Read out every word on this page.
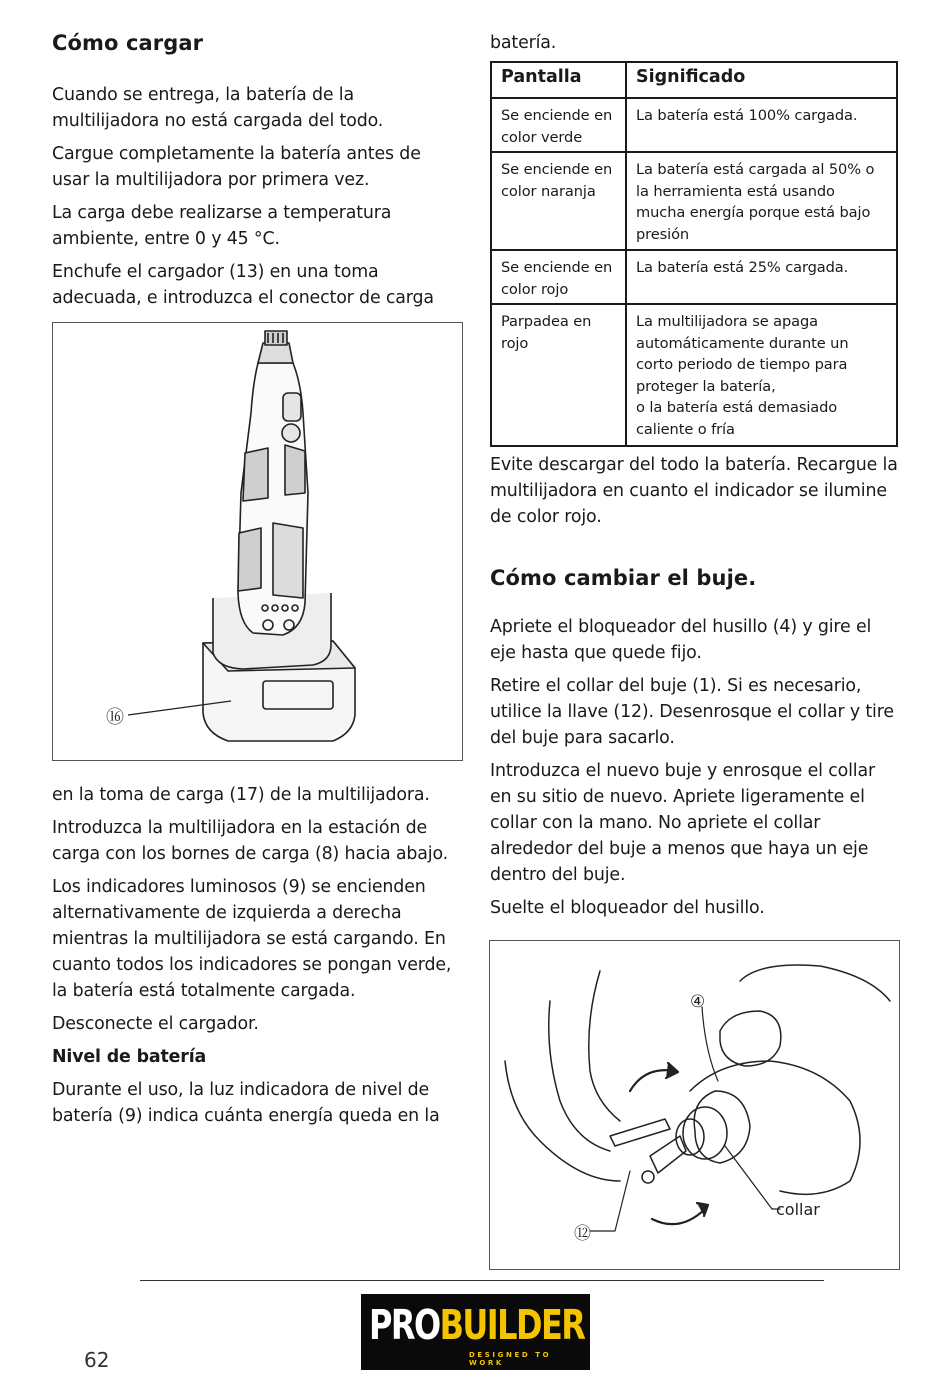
Cómo cargar

Cuando se entrega, la batería de la multilijadora no está cargada del todo.

Cargue completamente la batería antes de usar la multilijadora por primera vez.

La carga debe realizarse a temperatura ambiente, entre 0 y 45 °C.

Enchufe el cargador (13) en una toma adecuada, e introduzca el conector de carga

⑯

en la toma de carga (17) de la multilijadora.

Introduzca la multilijadora en la estación de carga con los bornes de carga (8) hacia abajo.

Los indicadores luminosos (9) se encienden alternativamente de izquierda a derecha mientras la multilijadora se está cargando. En cuanto todos los indicadores se pongan verde, la batería está totalmente cargada.

Desconecte el cargador.

Nivel de batería

Durante el uso, la luz indicadora de nivel de batería (9) indica cuánta energía queda en la

batería.

Pantalla	Significado
Se enciende en color verde	La batería está 100% cargada.
Se enciende en color naranja	La batería está cargada al 50% o la herramienta está usando mucha energía porque está bajo presión
Se enciende en color rojo	La batería está 25% cargada.
Parpadea en rojo	La multilijadora se apaga automáticamente durante un corto periodo de tiempo para proteger la batería,
o la batería está demasiado caliente o fría

Evite descargar del todo la batería. Recargue la multilijadora en cuanto el indicador se ilumine de color rojo.

Cómo cambiar el buje.

Apriete el bloqueador del husillo (4) y gire el eje hasta que quede fijo.

Retire el collar del buje (1). Si es necesario, utilice la llave (12). Desenrosque el collar y tire del buje para sacarlo.

Introduzca el nuevo buje y enrosque el collar en su sitio de nuevo. Apriete ligeramente el collar con la mano. No apriete el collar alrededor del buje a menos que haya un eje dentro del buje.

Suelte el bloqueador del husillo.

④
⑫
collar
62
PROBUILDER
DESIGNED TO WORK
